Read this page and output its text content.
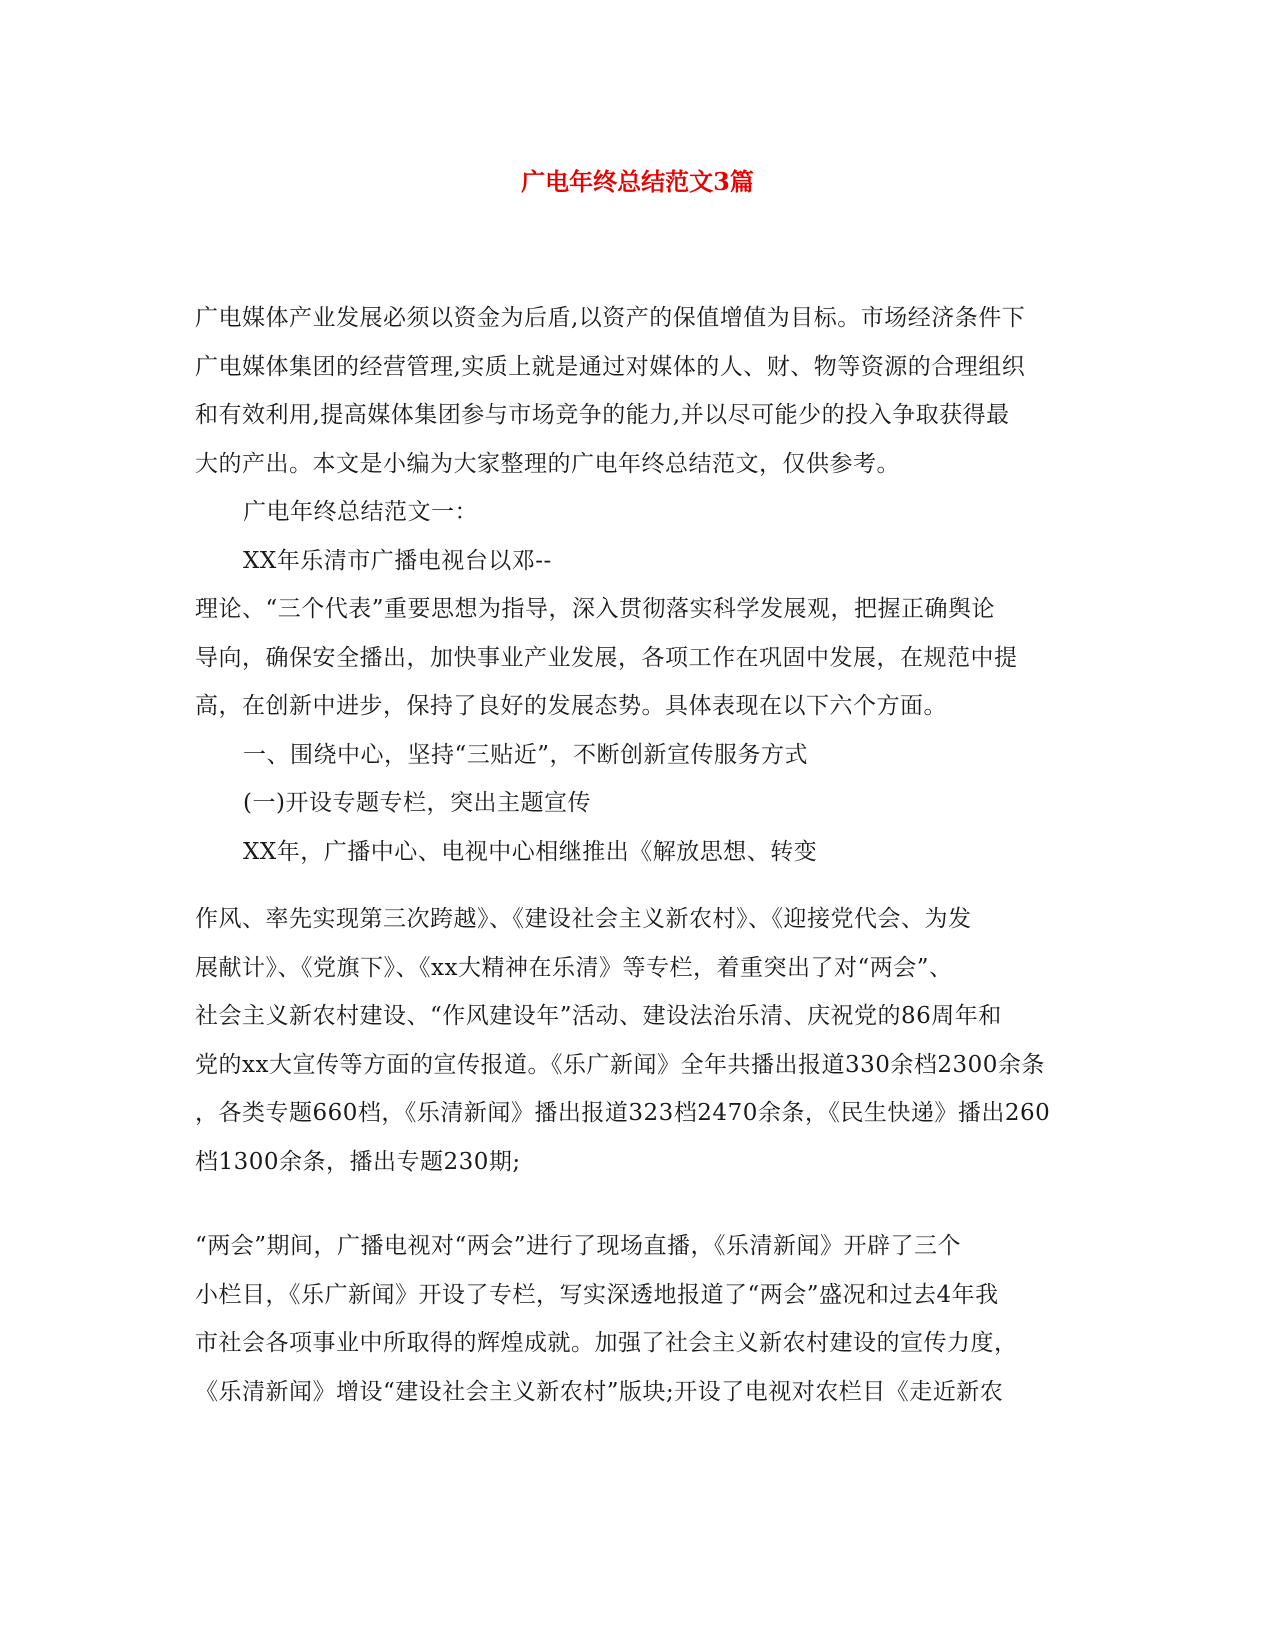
广电年终总结范文3篇
广电媒体产业发展必须以资金为后盾,以资产的保值增值为目标。市场经济条件下
广电媒体集团的经营管理,实质上就是通过对媒体的人、财、物等资源的合理组织
和有效利用,提高媒体集团参与市场竞争的能力,并以尽可能少的投入争取获得最
大的产出。本文是小编为大家整理的广电年终总结范文，仅供参考。
广电年终总结范文一：
XX年乐清市广播电视台以邓--
理论、“三个代表”重要思想为指导，深入贯彻落实科学发展观，把握正确舆论
导向，确保安全播出，加快事业产业发展，各项工作在巩固中发展，在规范中提
高，在创新中进步，保持了良好的发展态势。具体表现在以下六个方面。
一、围绕中心，坚持“三贴近”，不断创新宣传服务方式
(一)开设专题专栏，突出主题宣传
XX年，广播中心、电视中心相继推出《解放思想、转变
作风、率先实现第三次跨越》、《建设社会主义新农村》、《迎接党代会、为发
展献计》、《党旗下》、《xx大精神在乐清》等专栏，着重突出了对“两会”、
社会主义新农村建设、“作风建设年”活动、建设法治乐清、庆祝党的86周年和
党的xx大宣传等方面的宣传报道。《乐广新闻》全年共播出报道330余档2300余条
，各类专题660档，《乐清新闻》播出报道323档2470余条，《民生快递》播出260
档1300余条，播出专题230期;
“两会”期间，广播电视对“两会”进行了现场直播，《乐清新闻》开辟了三个
小栏目，《乐广新闻》开设了专栏，写实深透地报道了“两会”盛况和过去4年我
市社会各项事业中所取得的辉煌成就。加强了社会主义新农村建设的宣传力度，
《乐清新闻》增设“建设社会主义新农村”版块;开设了电视对农栏目《走近新农
